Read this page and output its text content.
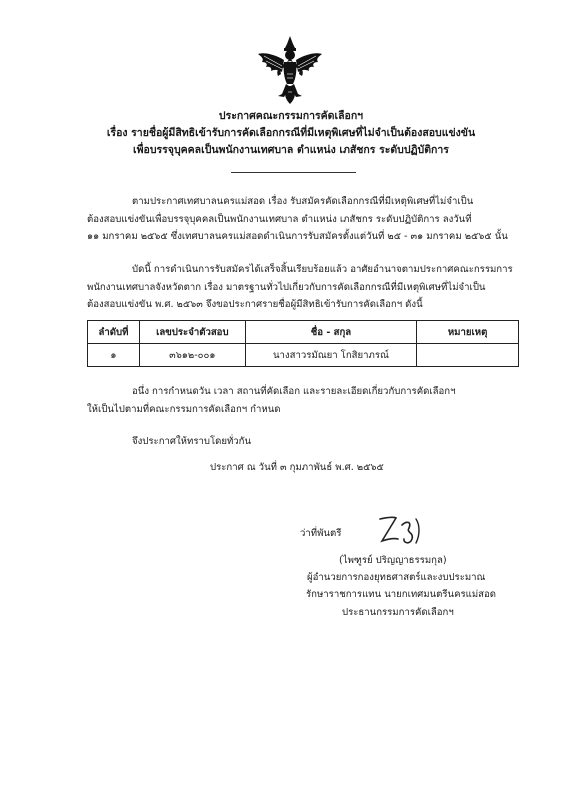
ประกาศคณะกรรมการคัดเลือกฯ
เรื่อง รายชื่อผู้มีสิทธิเข้ารับการคัดเลือกกรณีที่มีเหตุพิเศษที่ไม่จำเป็นต้องสอบแข่งขัน
เพื่อบรรจุบุคคลเป็นพนักงานเทศบาล ตำแหน่ง เภสัชกร ระดับปฏิบัติการ
ตามประกาศเทศบาลนครแม่สอด เรื่อง รับสมัครคัดเลือกกรณีที่มีเหตุพิเศษที่ไม่จำเป็น
ต้องสอบแข่งขันเพื่อบรรจุบุคคลเป็นพนักงานเทศบาล ตำแหน่ง เภสัชกร ระดับปฏิบัติการ ลงวันที่
๑๑ มกราคม ๒๕๖๕ ซึ่งเทศบาลนครแม่สอดดำเนินการรับสมัครตั้งแต่วันที่ ๒๕ - ๓๑ มกราคม ๒๕๖๕ นั้น
บัดนี้ การดำเนินการรับสมัครได้เสร็จสิ้นเรียบร้อยแล้ว อาศัยอำนาจตามประกาศคณะกรรมการ
พนักงานเทศบาลจังหวัดตาก เรื่อง มาตรฐานทั่วไปเกี่ยวกับการคัดเลือกกรณีที่มีเหตุพิเศษที่ไม่จำเป็น
ต้องสอบแข่งขัน พ.ศ. ๒๕๖๓ จึงขอประกาศรายชื่อผู้มีสิทธิเข้ารับการคัดเลือกฯ ดังนี้
ลำดับที่	เลขประจำตัวสอบ	ชื่อ - สกุล	หมายเหตุ
๑	๓๖๑๒-๐๐๑	นางสาวรมัณยา โกสิยาภรณ์	
อนึ่ง การกำหนดวัน เวลา สถานที่คัดเลือก และรายละเอียดเกี่ยวกับการคัดเลือกฯ
ให้เป็นไปตามที่คณะกรรมการคัดเลือกฯ กำหนด
จึงประกาศให้ทราบโดยทั่วกัน
ประกาศ ณ วันที่ ๓ กุมภาพันธ์ พ.ศ. ๒๕๖๕
ว่าที่พันตรี
(ไพฑูรย์ ปริญญาธรรมกุล)
ผู้อำนวยการกองยุทธศาสตร์และงบประมาณ
รักษาราชการแทน นายกเทศมนตรีนครแม่สอด
ประธานกรรมการคัดเลือกฯ
